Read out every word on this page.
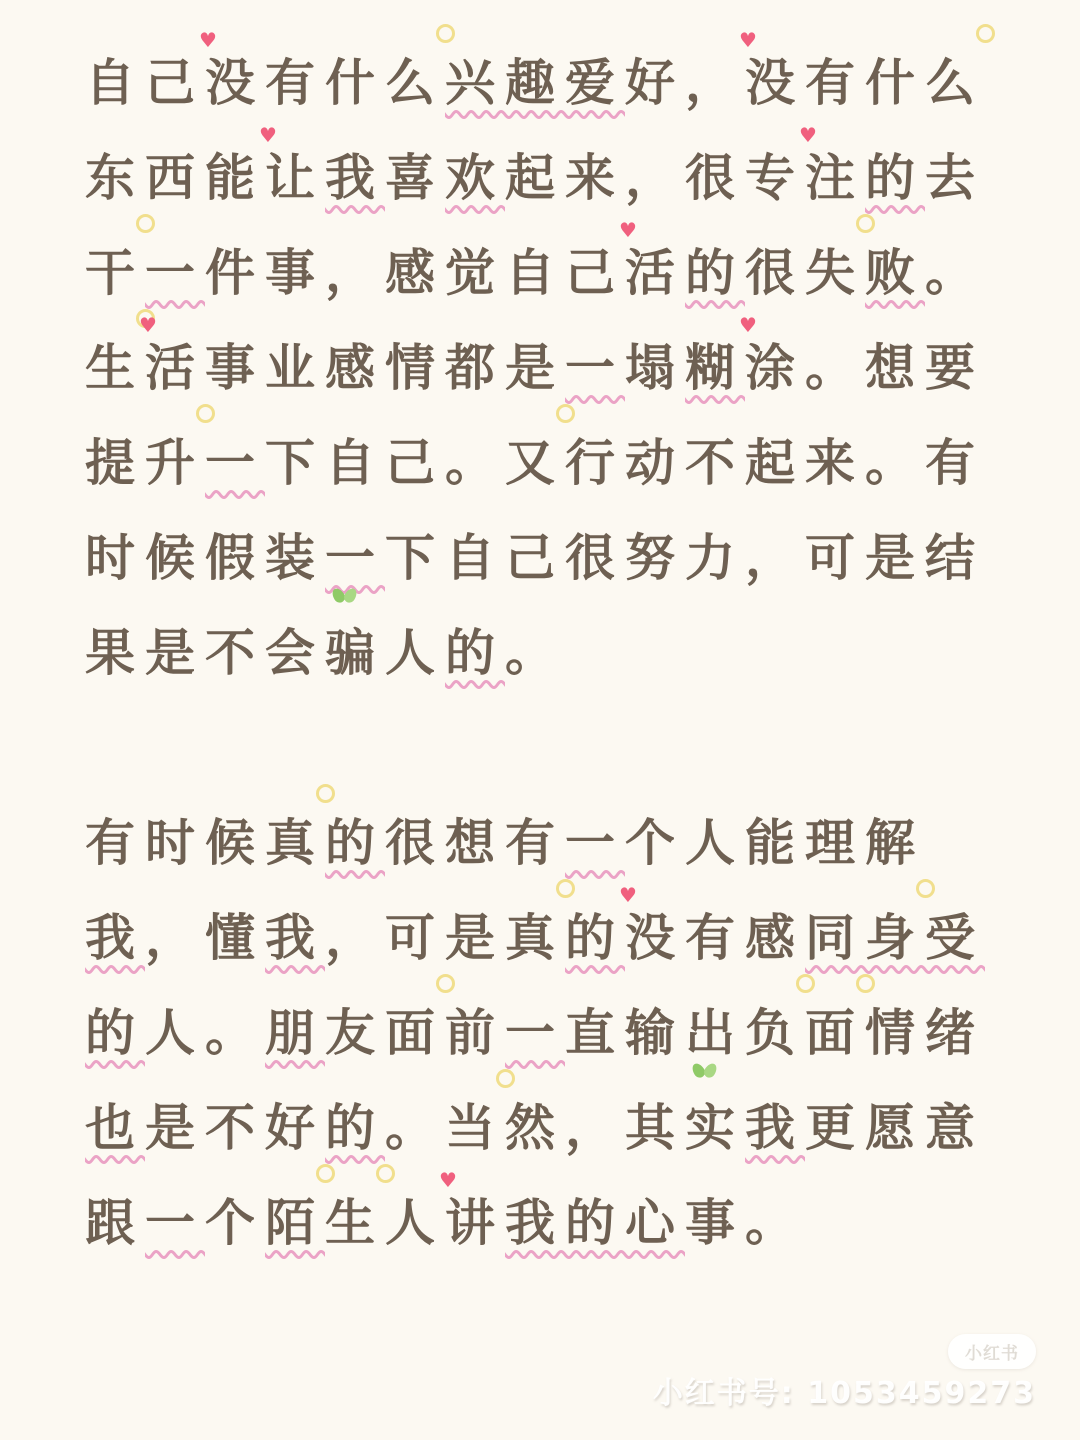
自己没
♥
有什么
兴趣爱好，没
♥
有什么
东西能让
♥
我喜欢起来，很专注
♥
的去
干
一件事，感觉自己活
♥
的很失
败。
生
活
♥
事业感情都是一塌糊涂
♥
。想要
提升
一下自己。又
行动不起来。有
时候假装一下自己很努力，可是结
果是不会骗
人的。
有时候真
的很想有一个人能理解
我，懂我，可是真
的没
♥
有感同身
受
的人。朋友面
前一直输出负
面
情绪
也是不好的。当
然，其实
我更愿意
跟一个陌
生
人讲
♥
我的心事。
小红书
小红书号: 1053459273
